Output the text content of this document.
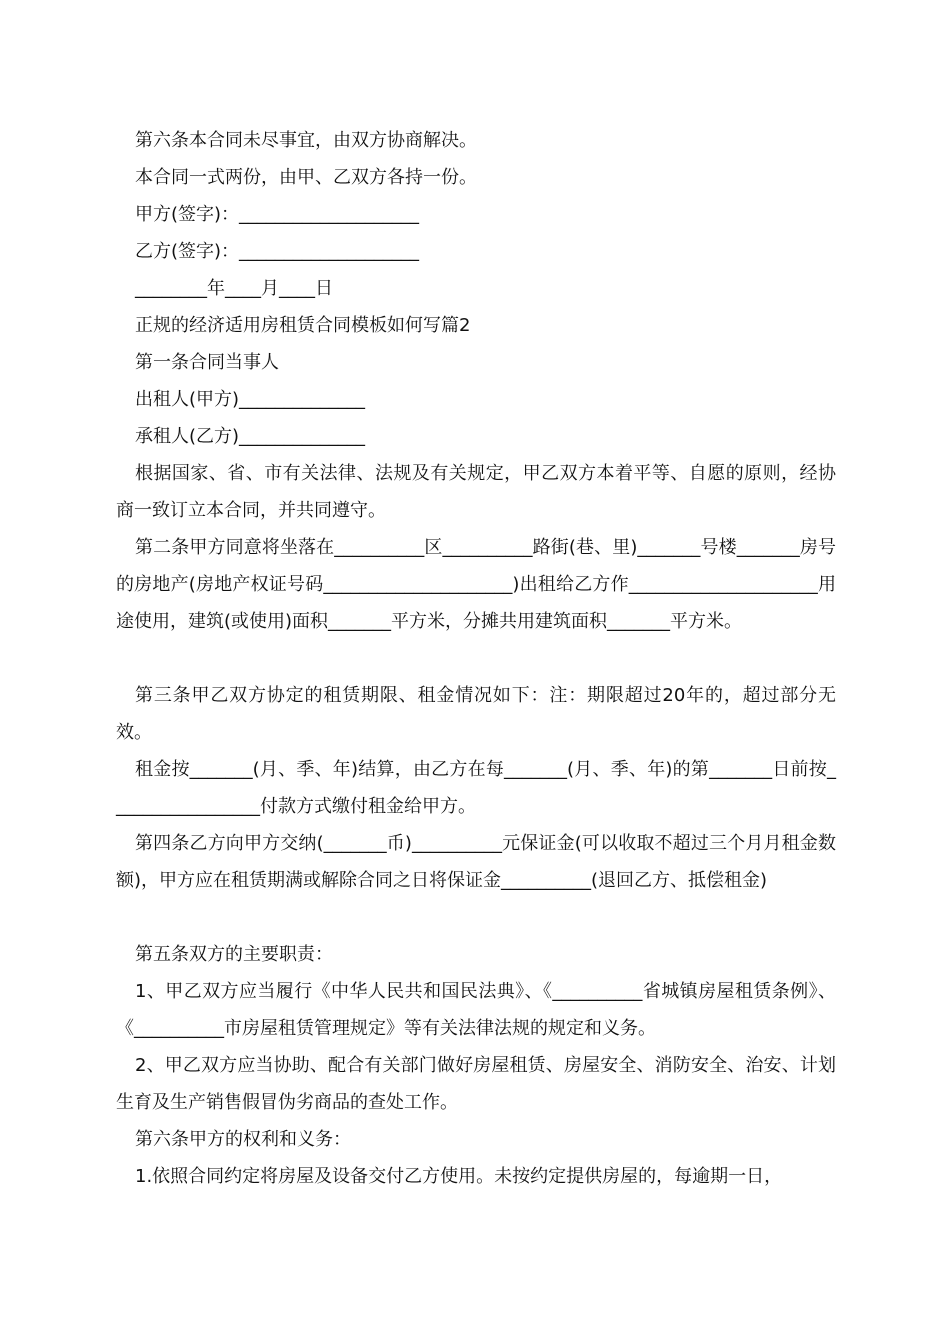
第六条本合同未尽事宜，由双方协商解决。

本合同一式两份，由甲、乙双方各持一份。

甲方(签字)：____________________

乙方(签字)：____________________

________年____月____日

正规的经济适用房租赁合同模板如何写篇2

第一条合同当事人

出租人(甲方)______________

承租人(乙方)______________

根据国家、省、市有关法律、法规及有关规定，甲乙双方本着平等、自愿的原则，经协商一致订立本合同，并共同遵守。

第二条甲方同意将坐落在__________区__________路街(巷、里)_______号楼_______房号的房地产(房地产权证号码_____________________)出租给乙方作_____________________用途使用，建筑(或使用)面积_______平方米，分摊共用建筑面积_______平方米。

第三条甲乙双方协定的租赁期限、租金情况如下：注：期限超过20年的，超过部分无效。

租金按_______(月、季、年)结算，由乙方在每_______(月、季、年)的第_______日前按_________________付款方式缴付租金给甲方。

第四条乙方向甲方交纳(_______币)__________元保证金(可以收取不超过三个月月租金数额)，甲方应在租赁期满或解除合同之日将保证金__________(退回乙方、抵偿租金)

第五条双方的主要职责：

1、甲乙双方应当履行《中华人民共和国民法典》、《__________省城镇房屋租赁条例》、《__________市房屋租赁管理规定》等有关法律法规的规定和义务。

2、甲乙双方应当协助、配合有关部门做好房屋租赁、房屋安全、消防安全、治安、计划生育及生产销售假冒伪劣商品的查处工作。

第六条甲方的权利和义务：

1.依照合同约定将房屋及设备交付乙方使用。未按约定提供房屋的，每逾期一日，
